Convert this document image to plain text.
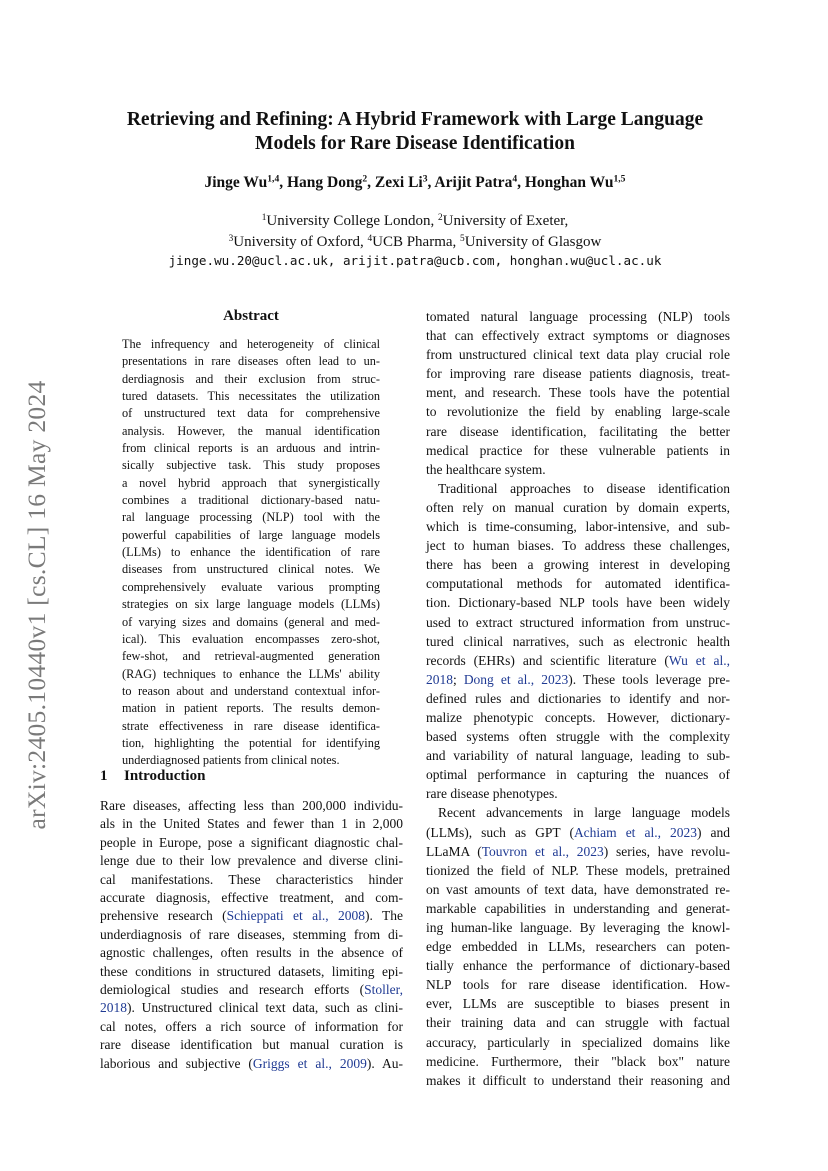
arXiv:2405.10440v1 [cs.CL] 16 May 2024
Retrieving and Refining: A Hybrid Framework with Large Language
Models for Rare Disease Identification
Jinge Wu$^{1,4}$, Hang Dong$^2$, Zexi Li$^3$, Arijit Patra$^4$, Honghan Wu$^{1,5}$
$^1$University College London, $^2$University of Exeter,
$^3$University of Oxford, $^4$UCB Pharma, $^5$University of Glasgow
jinge.wu.20@ucl.ac.uk, arijit.patra@ucb.com, honghan.wu@ucl.ac.uk
Abstract
The infrequency and heterogeneity of clinical
presentations in rare diseases often lead to un-
derdiagnosis and their exclusion from struc-
tured datasets. This necessitates the utilization
of unstructured text data for comprehensive
analysis. However, the manual identification
from clinical reports is an arduous and intrin-
sically subjective task. This study proposes
a novel hybrid approach that synergistically
combines a traditional dictionary-based natu-
ral language processing (NLP) tool with the
powerful capabilities of large language models
(LLMs) to enhance the identification of rare
diseases from unstructured clinical notes. We
comprehensively evaluate various prompting
strategies on six large language models (LLMs)
of varying sizes and domains (general and med-
ical). This evaluation encompasses zero-shot,
few-shot, and retrieval-augmented generation
(RAG) techniques to enhance the LLMs' ability
to reason about and understand contextual infor-
mation in patient reports. The results demon-
strate effectiveness in rare disease identifica-
tion, highlighting the potential for identifying
underdiagnosed patients from clinical notes.
1 Introduction
Rare diseases, affecting less than 200,000 individu-
als in the United States and fewer than 1 in 2,000
people in Europe, pose a significant diagnostic chal-
lenge due to their low prevalence and diverse clini-
cal manifestations. These characteristics hinder
accurate diagnosis, effective treatment, and com-
prehensive research (Schieppati et al., 2008). The
underdiagnosis of rare diseases, stemming from di-
agnostic challenges, often results in the absence of
these conditions in structured datasets, limiting epi-
demiological studies and research efforts (Stoller,
2018). Unstructured clinical text data, such as clini-
cal notes, offers a rich source of information for
rare disease identification but manual curation is
laborious and subjective (Griggs et al., 2009). Au-
tomated natural language processing (NLP) tools
that can effectively extract symptoms or diagnoses
from unstructured clinical text data play crucial role
for improving rare disease patients diagnosis, treat-
ment, and research. These tools have the potential
to revolutionize the field by enabling large-scale
rare disease identification, facilitating the better
medical practice for these vulnerable patients in
the healthcare system.
Traditional approaches to disease identification
often rely on manual curation by domain experts,
which is time-consuming, labor-intensive, and sub-
ject to human biases. To address these challenges,
there has been a growing interest in developing
computational methods for automated identifica-
tion. Dictionary-based NLP tools have been widely
used to extract structured information from unstruc-
tured clinical narratives, such as electronic health
records (EHRs) and scientific literature (Wu et al.,
2018; Dong et al., 2023). These tools leverage pre-
defined rules and dictionaries to identify and nor-
malize phenotypic concepts. However, dictionary-
based systems often struggle with the complexity
and variability of natural language, leading to sub-
optimal performance in capturing the nuances of
rare disease phenotypes.
Recent advancements in large language models
(LLMs), such as GPT (Achiam et al., 2023) and
LLaMA (Touvron et al., 2023) series, have revolu-
tionized the field of NLP. These models, pretrained
on vast amounts of text data, have demonstrated re-
markable capabilities in understanding and generat-
ing human-like language. By leveraging the knowl-
edge embedded in LLMs, researchers can poten-
tially enhance the performance of dictionary-based
NLP tools for rare disease identification. How-
ever, LLMs are susceptible to biases present in
their training data and can struggle with factual
accuracy, particularly in specialized domains like
medicine. Furthermore, their "black box" nature
makes it difficult to understand their reasoning and
